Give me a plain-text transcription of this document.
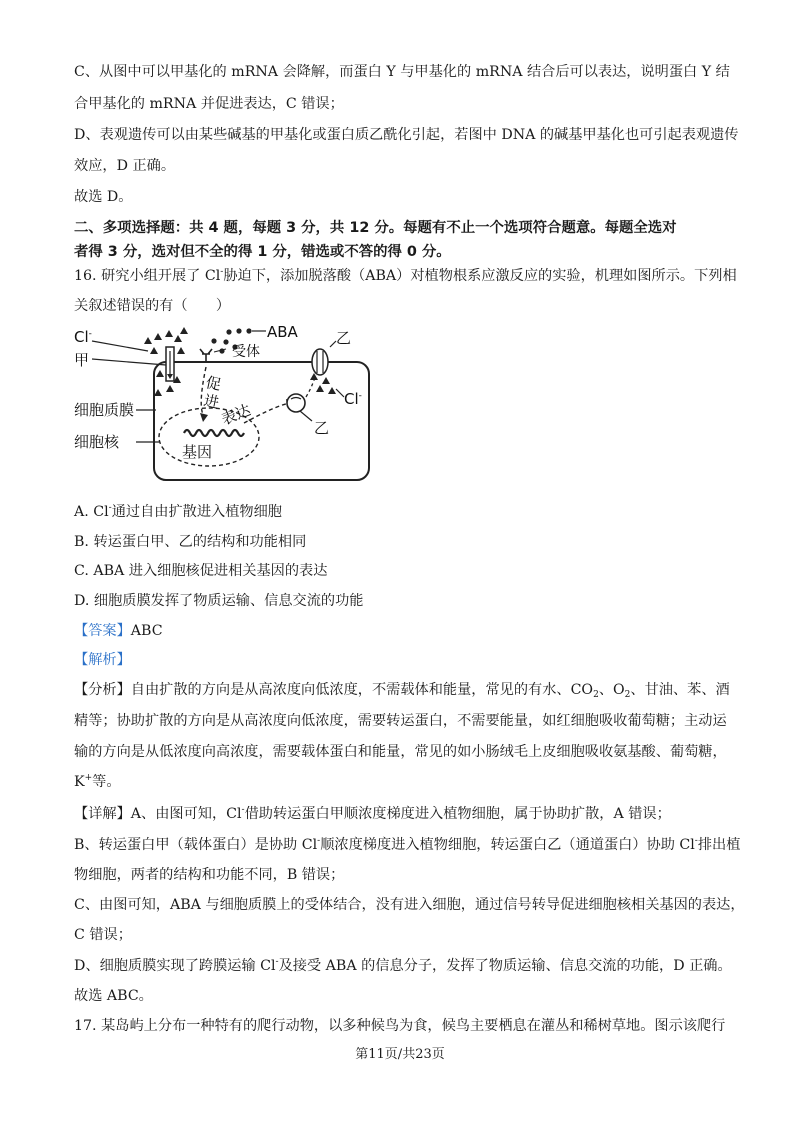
C、从图中可以甲基化的 mRNA 会降解，而蛋白 Y 与甲基化的 mRNA 结合后可以表达，说明蛋白 Y 结
合甲基化的 mRNA 并促进表达，C 错误；
D、表观遗传可以由某些碱基的甲基化或蛋白质乙酰化引起，若图中 DNA 的碱基甲基化也可引起表观遗传
效应，D 正确。
故选 D。
二、多项选择题：共 4 题，每题 3 分，共 12 分。每题有不止一个选项符合题意。每题全选对
者得 3 分，选对但不全的得 1 分，错选或不答的得 0 分。
16. 研究小组开展了 Cl-胁迫下，添加脱落酸（ABA）对植物根系应激反应的实验，机理如图所示。下列相
关叙述错误的有（　　）
Cl-
甲
ABA
受体
乙
促
进
表达
基因
Cl-
乙
细胞质膜
细胞核
A. Cl-通过自由扩散进入植物细胞
B. 转运蛋白甲、乙的结构和功能相同
C. ABA 进入细胞核促进相关基因的表达
D. 细胞质膜发挥了物质运输、信息交流的功能
【答案】ABC
【解析】
【分析】自由扩散的方向是从高浓度向低浓度，不需载体和能量，常见的有水、$CO_2$、$O_2$、甘油、苯、酒
精等；协助扩散的方向是从高浓度向低浓度，需要转运蛋白，不需要能量，如红细胞吸收葡萄糖；主动运
输的方向是从低浓度向高浓度，需要载体蛋白和能量，常见的如小肠绒毛上皮细胞吸收氨基酸、葡萄糖，
K+等。
【详解】A、由图可知，Cl-借助转运蛋白甲顺浓度梯度进入植物细胞，属于协助扩散，A 错误；
B、转运蛋白甲（载体蛋白）是协助 Cl-顺浓度梯度进入植物细胞，转运蛋白乙（通道蛋白）协助 Cl-排出植
物细胞，两者的结构和功能不同，B 错误；
C、由图可知，ABA 与细胞质膜上的受体结合，没有进入细胞，通过信号转导促进细胞核相关基因的表达，
C 错误；
D、细胞质膜实现了跨膜运输 Cl-及接受 ABA 的信息分子，发挥了物质运输、信息交流的功能，D 正确。
故选 ABC。
17. 某岛屿上分布一种特有的爬行动物，以多种候鸟为食，候鸟主要栖息在灌丛和稀树草地。图示该爬行
第11页/共23页
